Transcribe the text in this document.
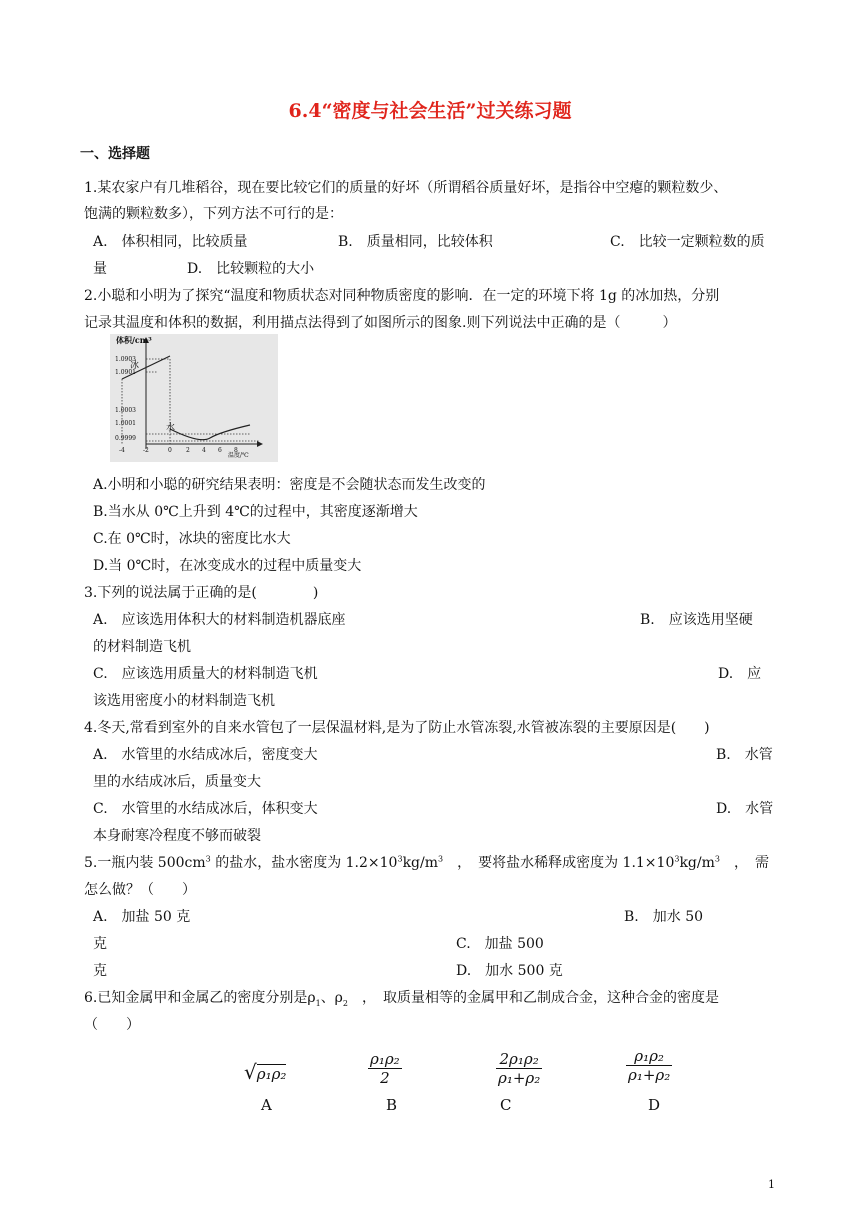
6.4“密度与社会生活”过关练习题
一、选择题
1.某农家户有几堆稻谷，现在要比较它们的质量的好坏（所谓稻谷质量好坏，是指谷中空瘪的颗粒数少、
饱满的颗粒数多），下列方法不可行的是：
A.　体积相同，比较质量	B.　质量相同，比较体积	C.　比较一定颗粒数的质
量	D.　比较颗粒的大小
2.小聪和小明为了探究“温度和物质状态对同种物质密度的影响．在一定的环境下将 1g 的冰加热，分别
记录其温度和体积的数据，利用描点法得到了如图所示的图象.则下列说法中正确的是（　　　）
体积/cm³
温度/℃
冰
水
1.0903
1.0901
1.0003
1.0001
0.9999
-4	-2	0 2 4 6 8
A.小明和小聪的研究结果表明：密度是不会随状态而发生改变的
B.当水从 0℃上升到 4℃的过程中，其密度逐渐增大
C.在 0℃时，冰块的密度比水大
D.当 0℃时，在冰变成水的过程中质量变大
3.下列的说法属于正确的是(　　　　)
A.　应该选用体积大的材料制造机器底座	B.　应该选用坚硬
的材料制造飞机
C.　应该选用质量大的材料制造飞机	D.　应
该选用密度小的材料制造飞机
4.冬天,常看到室外的自来水管包了一层保温材料,是为了防止水管冻裂,水管被冻裂的主要原因是(　　)
A.　水管里的水结成冰后，密度变大	B.　水管
里的水结成冰后，质量变大
C.　水管里的水结成冰后，体积变大	D.　水管
本身耐寒冷程度不够而破裂
5.一瓶内装 $500cm^3$ 的盐水，盐水密度为 $1.2\times 10^3kg/m^3$　，　要将盐水稀释成密度为 $1.1\times 10^3kg/m^3$　，　需
怎么做？（　　）
A.　加盐 50 克	B.　加水 50
克	C.　加盐 500
克	D.　加水 500 克
6.已知金属甲和金属乙的密度分别是$\rho_1$、$\rho_2$　，　取质量相等的金属甲和乙制成合金，这种合金的密度是
（　　）
√ρ₁ρ₂	$\frac{\text{ρ₁ρ₂}}{2}$	$\frac{\text{2ρ₁ρ₂}}{\text{ρ₁+ρ₂}}$	$\frac{\text{ρ₁ρ₂}}{\text{ρ₁+ρ₂}}$
A	B	C	D
1
